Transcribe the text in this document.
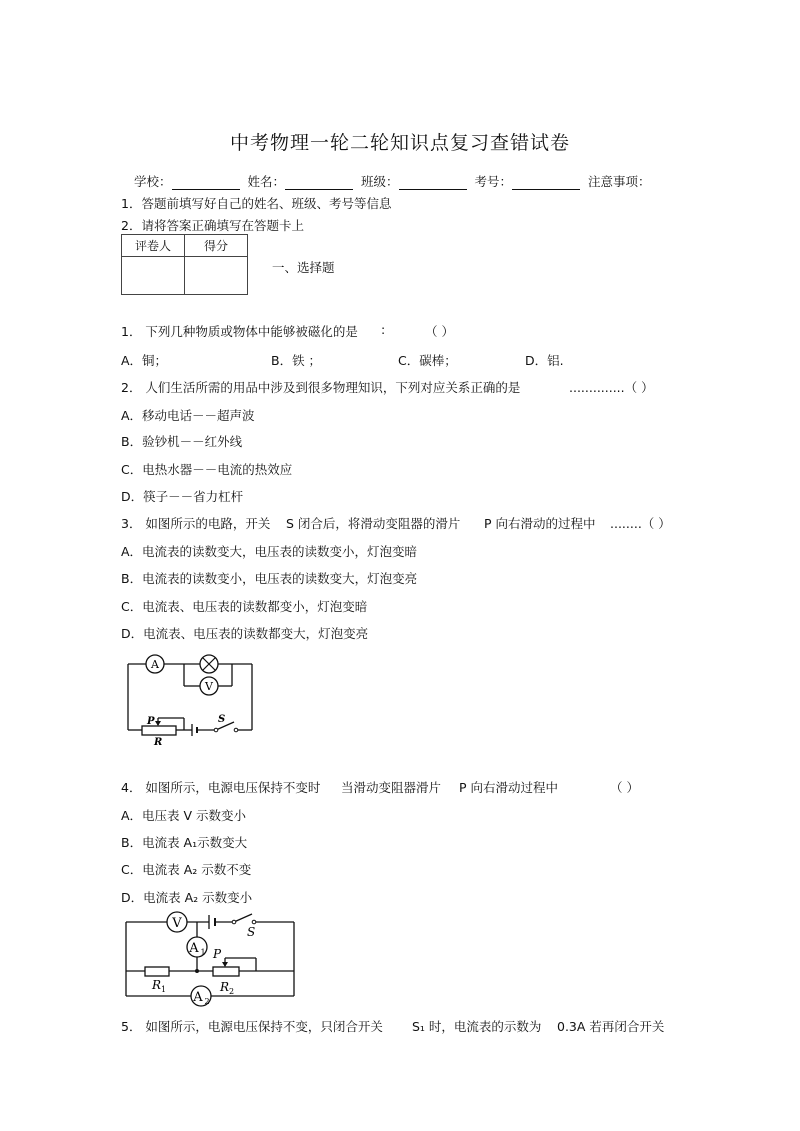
中考物理一轮二轮知识点复习查错试卷
学校：	姓名：	班级：	考号：	注意事项：
1．答题前填写好自己的姓名、班级、考号等信息
2．请将答案正确填写在答题卡上
评卷人	得分

一、选择题
1． 下列几种物质或物体中能够被磁化的是 :	（ ）
A．铜；	B．铁 ；	C．碳棒；	D．铝.
2． 人们生活所需的用品中涉及到很多物理知识，下列对应关系正确的是	..............（ ）
A．移动电话－－超声波
B．验钞机－－红外线
C．电热水器－－电流的热效应
D．筷子－－省力杠杆
3． 如图所示的电路，开关 S 闭合后，将滑动变阻器的滑片 P 向右滑动的过程中 ........（ ）
A．电流表的读数变大，电压表的读数变小，灯泡变暗
B．电流表的读数变小，电压表的读数变大，灯泡变亮
C．电流表、电压表的读数都变小，灯泡变暗
D．电流表、电压表的读数都变大，灯泡变亮
A
V
P
R
S
4． 如图所示，电源电压保持不变时 当滑动变阻器滑片 P 向右滑动过程中	（ ）
A．电压表 V 示数变小
B．电流表 A₁示数变大
C．电流表 A₂ 示数不变
D．电流表 A₂ 示数变小
V
A 1
A 2
S
P
R 1	R 2
5． 如图所示，电源电压保持不变，只闭合开关 S₁ 时，电流表的示数为 0.3A 若再闭合开关
